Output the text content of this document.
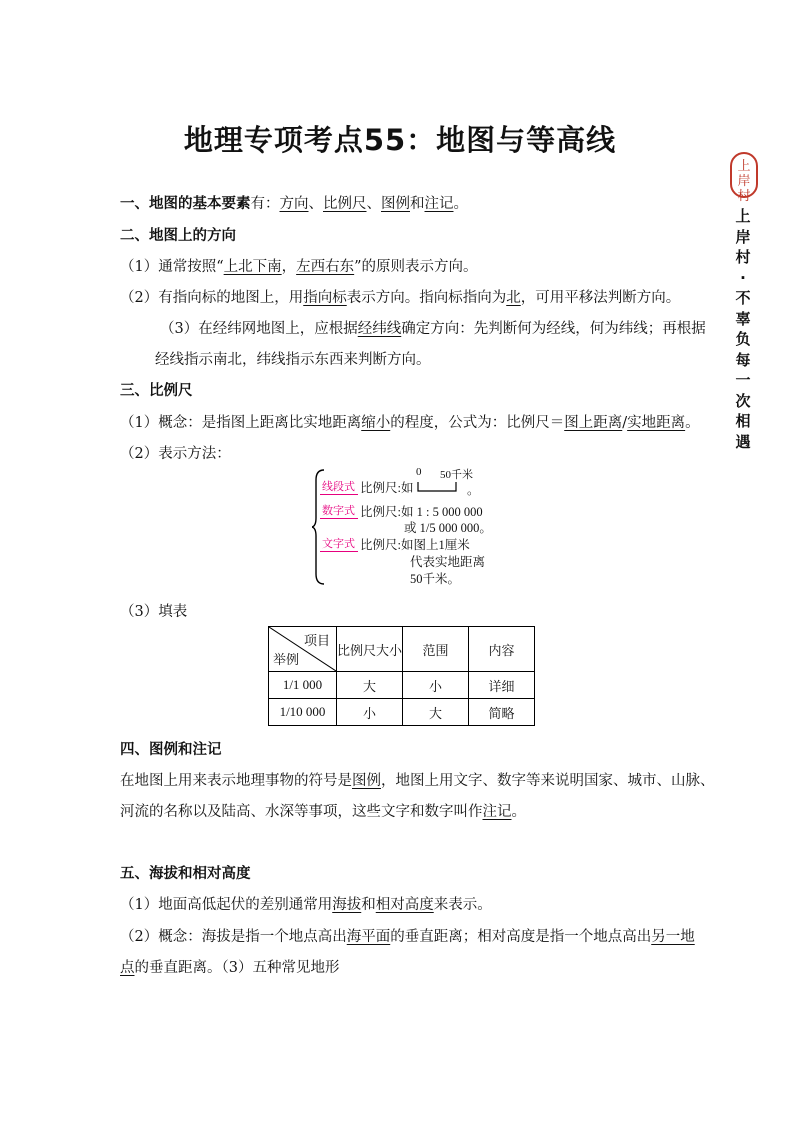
地理专项考点55：地图与等高线
上岸村
上岸村·不辜负每一次相遇
一、地图的基本要素有：方向、比例尺、图例和注记。
二、地图上的方向
（1）通常按照“上北下南，左西右东”的原则表示方向。
（2）有指向标的地图上，用指向标表示方向。指向标指向为北，可用平移法判断方向。
（3）在经纬网地图上，应根据经纬线确定方向：先判断何为经线，何为纬线；再根据
经线指示南北，纬线指示东西来判断方向。
三、比例尺
（1）概念：是指图上距离比实地距离缩小的程度，公式为：比例尺＝图上距离/实地距离。
（2）表示方法：
线段式 比例尺:如
0 50千米
。
数字式 比例尺:如 1 : 5 000 000
或 1/5 000 000。
文字式 比例尺:如图上1厘米
代表实地距离
50千米。
（3）填表
项目
举例	比例尺大小	范围	内容
1/1 000	大	小	详细
1/10 000	小	大	简略
四、图例和注记
在地图上用来表示地理事物的符号是图例，地图上用文字、数字等来说明国家、城市、山脉、
河流的名称以及陆高、水深等事项，这些文字和数字叫作注记。
五、海拔和相对高度
（1）地面高低起伏的差别通常用海拔和相对高度来表示。
（2）概念：海拔是指一个地点高出海平面的垂直距离；相对高度是指一个地点高出另一地
点的垂直距离。（3）五种常见地形
